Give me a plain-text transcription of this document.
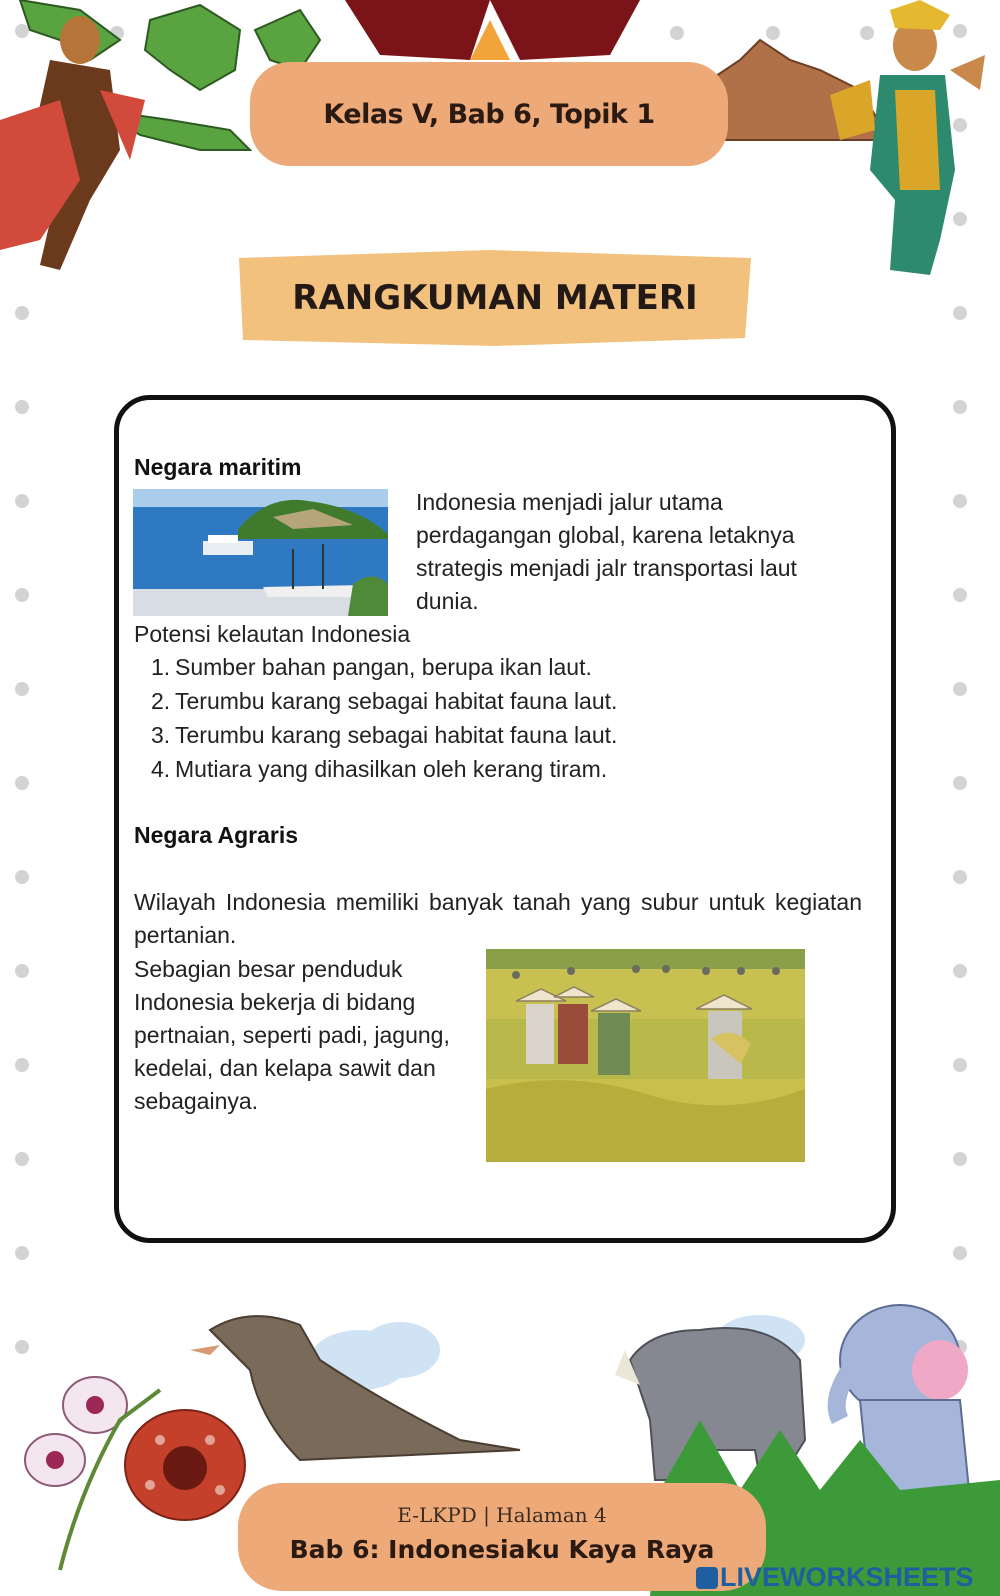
Kelas V, Bab 6, Topik 1
RANGKUMAN MATERI
Negara maritim
Indonesia menjadi jalur utama perdagangan global, karena letaknya strategis menjadi jalr transportasi laut dunia.
Potensi kelautan Indonesia
1. Sumber bahan pangan, berupa ikan laut.
2. Terumbu karang sebagai habitat fauna laut.
3. Terumbu karang sebagai habitat fauna laut.
4. Mutiara yang dihasilkan oleh kerang tiram.
Negara Agraris
Wilayah Indonesia memiliki banyak tanah yang subur untuk kegiatan pertanian.
Sebagian besar penduduk Indonesia bekerja di bidang pertnaian, seperti padi, jagung, kedelai, dan kelapa sawit dan sebagainya.
E-LKPD | Halaman 4
Bab 6: Indonesiaku Kaya Raya
LIVEWORKSHEETS
